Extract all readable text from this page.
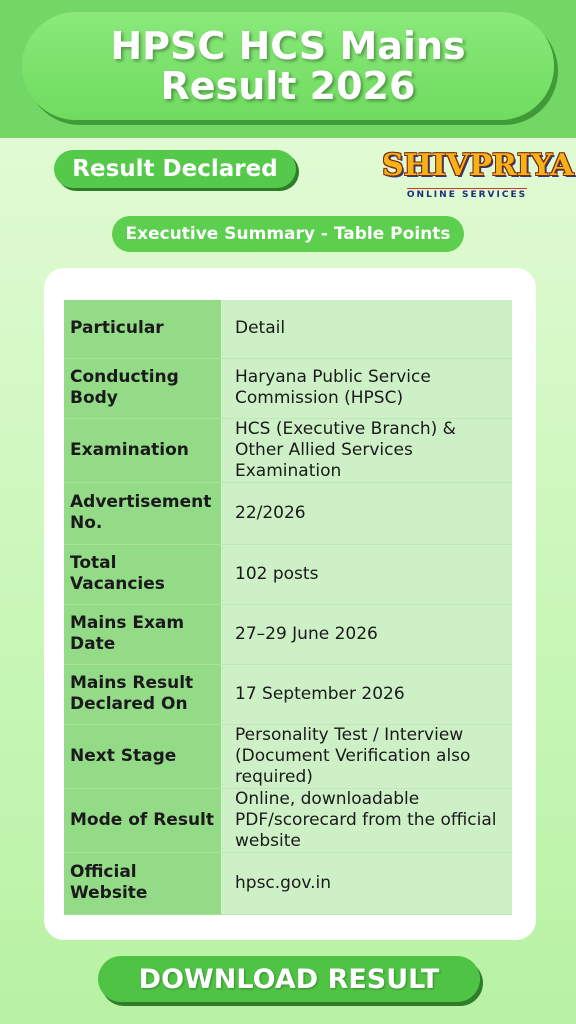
HPSC HCS Mains
Result 2026
Result Declared	SHIVPRIYA
ONLINE SERVICES
Executive Summary - Table Points
Particular	Detail
Conducting Body	Haryana Public Service Commission (HPSC)
Examination	HCS (Executive Branch) & Other Allied Services Examination
Advertisement No.	22/2026
Total Vacancies	102 posts
Mains Exam Date	27–29 June 2026
Mains Result Declared On	17 September 2026
Next Stage	Personality Test / Interview (Document Verification also required)
Mode of Result	Online, downloadable PDF/scorecard from the official website
Official Website	hpsc.gov.in
DOWNLOAD RESULT
